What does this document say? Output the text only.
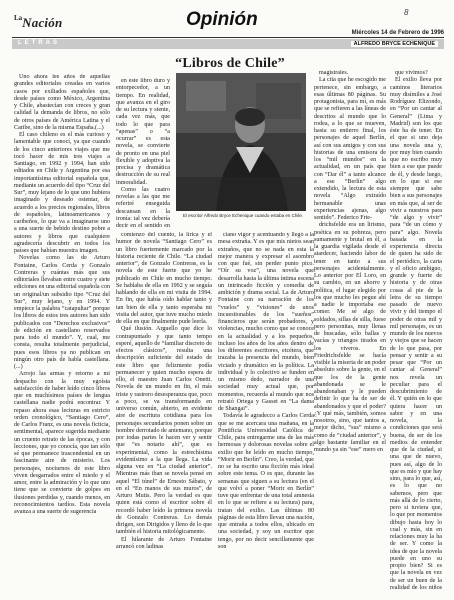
$^{La}$Nación	Opinión	8
Miércoles 14 de Febrero de 1996
LETRAS	ALFREDO BRYCE ECHENIQUE
“Libros de Chile”
El escritor Alfredo Bryce Echenique cuando estaba en Chile.

Uno ahora lee años de aquellas grandes editoriales creadas en varios casos por exiliados españoles que, desde países como México, Argentina y Chile, abastecían con creces y gran calidad la demanda de libros, no sólo de otros países de América Latina y el Caribe, sino de la misma España.(...)

El caso chileno es el más curioso y lamentable que conocí, ya que cuando de los cinco anteriores viajes que me tocó hacer de mis tres viajes a Santiago, en 1992 y 1994, han sido editados en Chile y Argentina por esa importantísima editorial española que, mediante un acuerdo del tipo “Cruz del Sur”, muy lejano de lo que uno hubiera imaginado y deseado ostentar, de acuerdo a los precios regionales, libros de españoles, latinoamericanos y caribeños, lo que va a imaginarse uno a una suerte de bebido destino pobre a autores y libros que cualquiere agradecería descubrir en todos los países que habían muestra imagen.

Novelas como las de Arturo Fontaine, Carlos Cerda y Gonzalo Contreras y cuántas más que sus editoriales llevaban entre cuatro y siete ediciones en una editorial española con un original/un subsidio tipo “Cruz del Sur”, muy lejano, y en 1994. Y empiece la palabra “catapultar” porque los libros de estos tres autores han sido publicados con “Derechos exclusivos” de edición en castellano reservados para todo el mundo”. Y, cual, me consta, resulta totalmente perjudicial, pues esos libros ya no publican en ningún otro país de habla castellana.(...)

Arrojo las armas y retorno a mi despacho con la muy egoísta satisfacción de haber leído cinco libros que en muchísimos países de lengua castellana nadie podrá encontrar. Y repaso ahora esas lecturas en estricto orden cronológico, “Santiago Cero”, de Carlos Franz, es una novela ficticia, sentimental, aparece sugerida mediante un cruento retrato de las épocas, y con lecciones, que yo conocía, que tan sólo sé que permanece trascendental en un fascinante aire de misterio. Los personajes, nocturnos de este libro viven desgarrados entre el miedo y el amor, entre la admiración y lo que uno tiene que se convierte de golpes en ilusiones perdidas y, cuando menos, en reconocimientos tardíos. Esta novela avanza a una suerte de sugerencia

en este libro duro y entorpecedor, a un tiempo. En realidad, que avanza en el giro de su lectura y siente, cada vez más, que todo lo que para “apenas” o “a ocurrar” es esta novela, se convierte de pronto en una piel flexible y adoptiva la precisa y dramática destrucción de su real inmoralidad.

Como las cuatro novelas a las que me referiré enseguida descansan en la ironía: tal vez debería decir en el sentido en

comienzo del cuento, la lírica y el humor de novela “Santiago Cero” es un libro fuertemente marcado por la historia reciente de Chile. “La ciudad anterior”, de Gonzalo Contreras, es la novela de este fuerte que yo he publicado en Chile en mucho tiempo. Se hablaba de ella en 1992 y se seguía hablando de ella en mi visita de 1994. En fin, que había oído hablar tanto y tan bien de ella y tanto esperaba mi visita del autor, que tuve mucho miedo de ella en que finalmente pude leerla.

Qué ilusión. Arguello que dice lo contrapuntado y que tanto tempo esperé, aquello de “familiar discreto de efectos clásicos”, resulta una descripción suficiente del estado de este libro que felizmente podía permanecer y quien mucho espera de ello, el maestro Juan Carlos Onetti. Novela de un mundo en fin, el más triste y rastrero desesperanza que, poco a poco, se va transformando en universo común, abierto, en evidente aire de escritura cotidiana para los personajes secundarios ponen sobre un hombre derrotado de antemano, porque por todas partes le hacen ver y sentir que “es notario ahí”, que es experimental, como la estrechísima evidentísimo a la que llega. La vida alguna vez en “La ciudad anterior”. Mientras más iban se novela pensé en aquel “El túnel” de Ernesto Sábato, y en el “En manos de sus muros”, de Arturo Mutis. Pero la verdad es que quien está como el escritor sobre él recordó haber leído la primera novela de Gonzalo Contreras. Lo demás dirigen, son Dirigidos y lleno de lo que también el historia mitológicamente.

El hilarante de Arturo Fontaine arrancó con ladinas

ciano vigor y acentuando y llegó a la mesa extraña. Y es que mis nietos sean extraños, que no se nada en esta la mejor manera y expresar el asombro con que fué, sin perder punto pico. “Oír su voz”, una novela que desarrolla hasta la última íntima escena un intrincado ficción y comedia de ambición y drama social. La de Arturo Fontaine con su narración de los “vuelos” y “visiones” de unos incuestionables de los “sueños” financieros que serán probadores, y violencias, mucho como que se conoce en la actualidad y a los pequeños, incluso los años de los años dentro de los diferentes escritores, etcétera, que trazaba la presencia del mundo, bien viciado y dramático en la política. La individual y lo colectivo se funden en un mismo dedo, narrador de una sociedad muy actual que, por momentos, recuerda al mundo que nos retrató Ortega y Gasset en “La dama de Shangai”.

Todavía le agradecco a Carlos Cerda que se me acercara una mañana, en la Pontificia Universidad Católica de Chile, para entregarme una de las más hermosas y dolorosas novelas sobre el exilio que he leído en mucho tiempo, “Morir en Berlín”. Creo, la verdad, que no se ha escrito una ficción más ideal sobre este tema. O es que, durante las semanas que siguen a su lectura (en el que volví a poner “Morir en Berlín” tuve que enfrentar de una total amnesia en lo que se refiere a su lectura) para, tratan del exilio. Las últimas 80 páginas de esta libro llevan una nación, que entraña a todos ellos, ubicado en una sociedad, y soy un escritor que tengo, por no decir sencillamente que son

magistrales.

La cita que he escogido me pertenece, sin embargo, a esas últimas 80 páginas. Su protagonista, para mí, es más que se refieren a las líneas de descritos al mundo que lo rodea, a lo que se mueven, hasta su entierro final, los personajes de aquel Berlín, así con sus amigos y con sus historias de una emisora de los “mil mundos” en la actualidad, en un país que con “Dar él” a tanto alcance a ese “Berlín” algo extendido, la lectura de esta novela “Algo extraído hermanable unas experiencias ajenas, algo sentido”. Federico Frie-

drichsfelde era un lirismo, poética en su pobreza, pero sumamente y brutal en él, a la guardia vigilada desde el atardecer, haciendo labor de tener en tanto a sus personajes acidentalmente. Lo anterior por El Loro, en su cambio, en un ahorro y política, el lugar elegido por los que mucho les pegue ahí a nadie le importaba ese comer. Me sé algo de soldados, sillas de silla, fuese pero personitas, muy llenas de buscadas, sólo ballas y vacías y triangos tirados en los viveros. En Friedrichsfelde se hacía visible la miseria de un poder absoluto sobre la gente, en el que los de la gente abandonada se le abandonaban y le pueden definir lo que ha de ser de abandonados y que el poder? ¿Y qué más, también, somos nosotros, sino, que tantos a, mejor dicho, “sus” mismo a como de “ciudad anterior”, y algo bastante familiar en el mundo ya sin “ese” mero en

que vivimos?

El exilio lleva por caminos literarios muy disímiles a José Rodríguez Elizondo, en “Por un cantar al General” (Lima y Madrid) son los que éste ha de tener. En el que si uno deja una novela una y, por muy bien cuando que no escribo muy bien a ese que puede de él, y desde luego, en lo que si ese siempre que sabe bien a sus personajes en más que, al ser de vivir a nuestros para “de algo y vivir” para “de un cómo y para” algo. Novela basada en la experiencia directa de quien ha sido de el periódico, la carta y el oficio ambiguo, grande y fuerte de historia y de otras cosas al pie de la letra de su tiempo pasado de nuevo vivir y del tiempo el poder de otras mil y mil personajes, es un mundo de los nuevos y viejos que se hacen de lo que pasa, por pensar y sentir a su pesar que “Por un cantar al General” nos revela un peculiar para el descubrimiento de él. Y quién en lo que quiera hacer un sabor y en una novela, la condiciones que será buena, de ser de los medios de entender que de la ciudad, si una que de nuevo, pues así, algo de lo que es mío y que hay sino, para lo que, así, es lo que no sabemos, pero que más allá de lo cierto, pero si tuviera que, lo que por momentos dibujo hasta hoy lo cual y más, sin en relaciones muy la ha de ser. Y como la idea de que la novela puede en uno su propio bien? Si es que la novela en vez de ser un buen de la realidad de los niños
